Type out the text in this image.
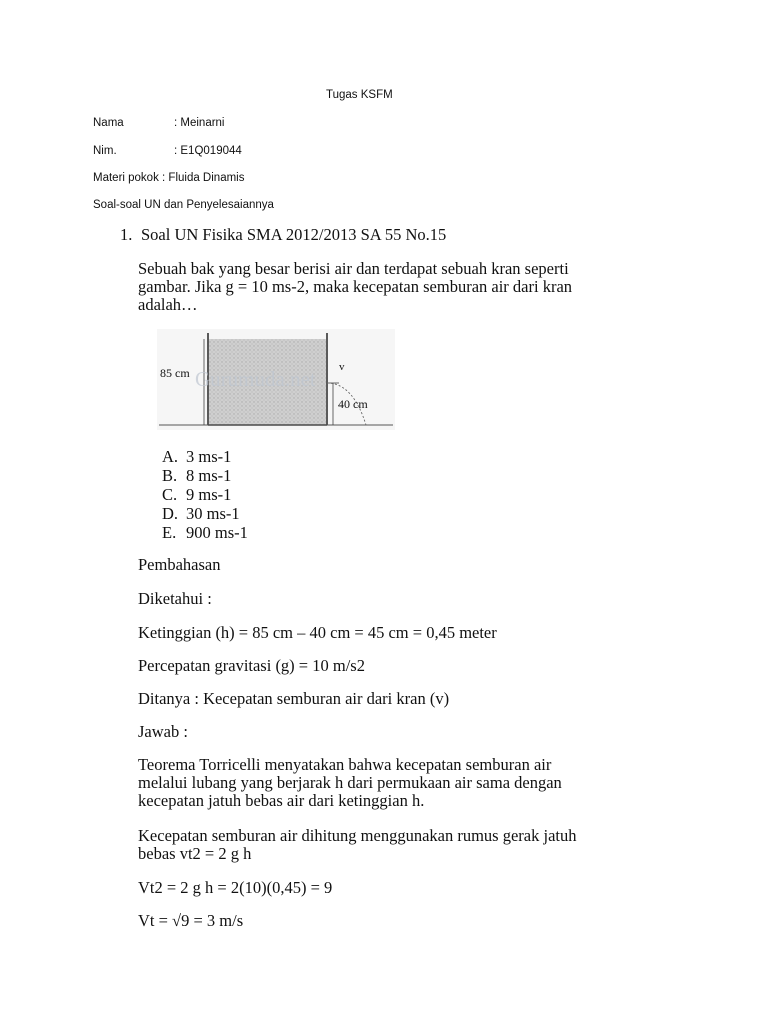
Tugas KSFM
Nama	: Meinarni
Nim.	: E1Q019044
Materi pokok : Fluida Dinamis
Soal-soal UN dan Penyelesaiannya
1. Soal UN Fisika SMA 2012/2013 SA 55 No.15
Sebuah bak yang besar berisi air dan terdapat sebuah kran seperti
gambar. Jika g = 10 ms-2, maka kecepatan semburan air dari kran
adalah…
85 cm	v
40 cm
Gurumuda.net
A. 3 ms-1
B. 8 ms-1
C. 9 ms-1
D. 30 ms-1
E. 900 ms-1
Pembahasan
Diketahui :
Ketinggian (h) = 85 cm – 40 cm = 45 cm = 0,45 meter
Percepatan gravitasi (g) = 10 m/s2
Ditanya : Kecepatan semburan air dari kran (v)
Jawab :
Teorema Torricelli menyatakan bahwa kecepatan semburan air
melalui lubang yang berjarak h dari permukaan air sama dengan
kecepatan jatuh bebas air dari ketinggian h.
Kecepatan semburan air dihitung menggunakan rumus gerak jatuh
bebas vt2 = 2 g h
Vt2 = 2 g h = 2(10)(0,45) = 9
Vt = √9 = 3 m/s
